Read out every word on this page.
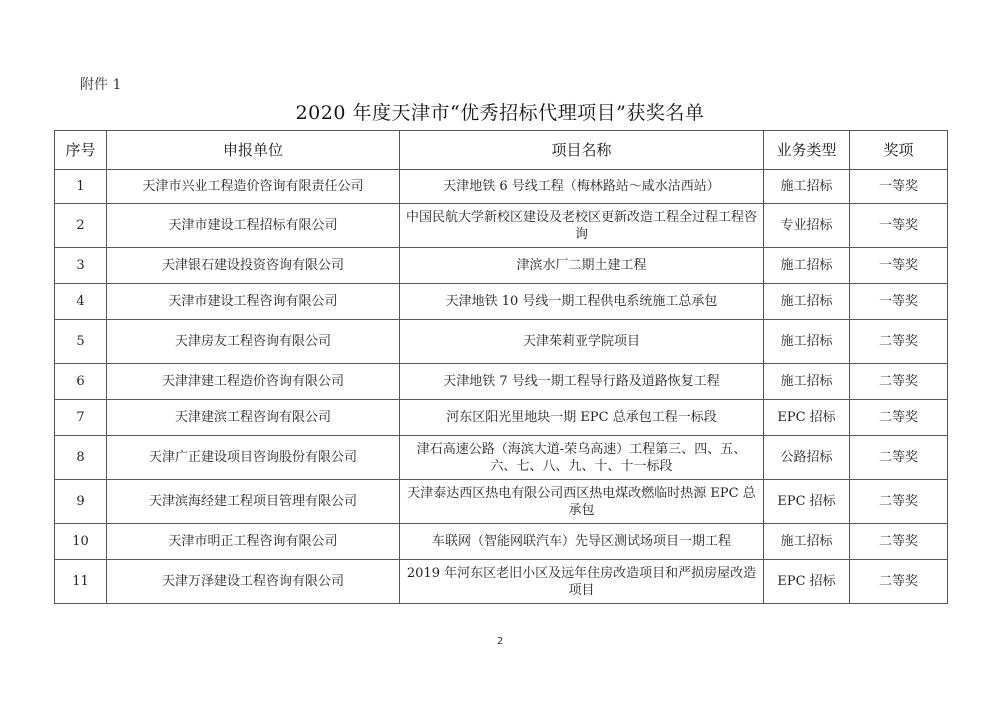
附件 1
2020 年度天津市“优秀招标代理项目”获奖名单
序号	申报单位	项目名称	业务类型	奖项
1	天津市兴业工程造价咨询有限责任公司	天津地铁 6 号线工程（梅林路站～咸水沽西站）	施工招标	一等奖
2	天津市建设工程招标有限公司	中国民航大学新校区建设及老校区更新改造工程全过程工程咨询	专业招标	一等奖
3	天津银石建设投资咨询有限公司	津滨水厂二期土建工程	施工招标	一等奖
4	天津市建设工程咨询有限公司	天津地铁 10 号线一期工程供电系统施工总承包	施工招标	一等奖
5	天津房友工程咨询有限公司	天津茱莉亚学院项目	施工招标	二等奖
6	天津津建工程造价咨询有限公司	天津地铁 7 号线一期工程导行路及道路恢复工程	施工招标	二等奖
7	天津建滨工程咨询有限公司	河东区阳光里地块一期 EPC 总承包工程一标段	EPC 招标	二等奖
8	天津广正建设项目咨询股份有限公司	津石高速公路（海滨大道-荣乌高速）工程第三、四、五、六、七、八、九、十、十一标段	公路招标	二等奖
9	天津滨海经建工程项目管理有限公司	天津泰达西区热电有限公司西区热电煤改燃临时热源 EPC 总承包	EPC 招标	二等奖
10	天津市明正工程咨询有限公司	车联网（智能网联汽车）先导区测试场项目一期工程	施工招标	二等奖
11	天津万泽建设工程咨询有限公司	2019 年河东区老旧小区及远年住房改造项目和严损房屋改造项目	EPC 招标	二等奖
2
